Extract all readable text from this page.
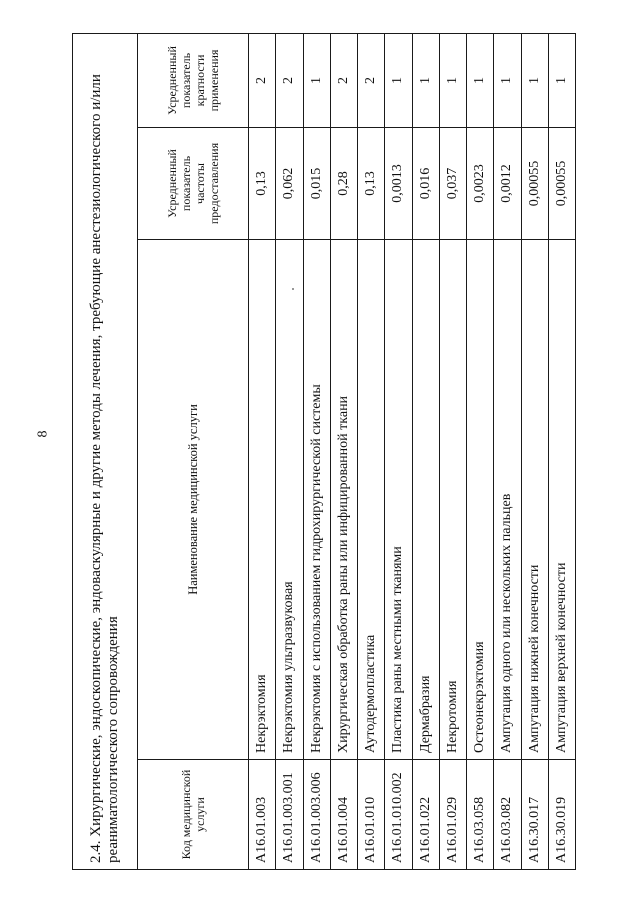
8	2.4. Хирургические, эндоскопические, эндоваскулярные и другие методы лечения, требующие анестезиологического и/или реаниматологического сопровождения			
Код медицинской услуги	Наименование медицинской услуги	Усредненный показатель частоты предоставления	Усредненный показатель кратности применения
A16.01.003	Некрэктомия	0,13	2
A16.01.003.001	Некрэктомия ультразвуковая	0,062	2
A16.01.003.006	Некрэктомия с использованием гидрохирургической системы	0,015	1
A16.01.004	Хирургическая обработка раны или инфицированной ткани	0,28	2
A16.01.010	Аутодермопластика	0,13	2
A16.01.010.002	Пластика раны местными тканями	0,0013	1
A16.01.022	Дермабразия	0,016	1
A16.01.029	Некротомия	0,037	1
A16.03.058	Остеонекрэктомия	0,0023	1
A16.03.082	Ампутация одного или нескольких пальцев	0,0012	1
A16.30.017	Ампутация нижней конечности	0,00055	1
A16.30.019	Ампутация верхней конечности	0,00055	1
